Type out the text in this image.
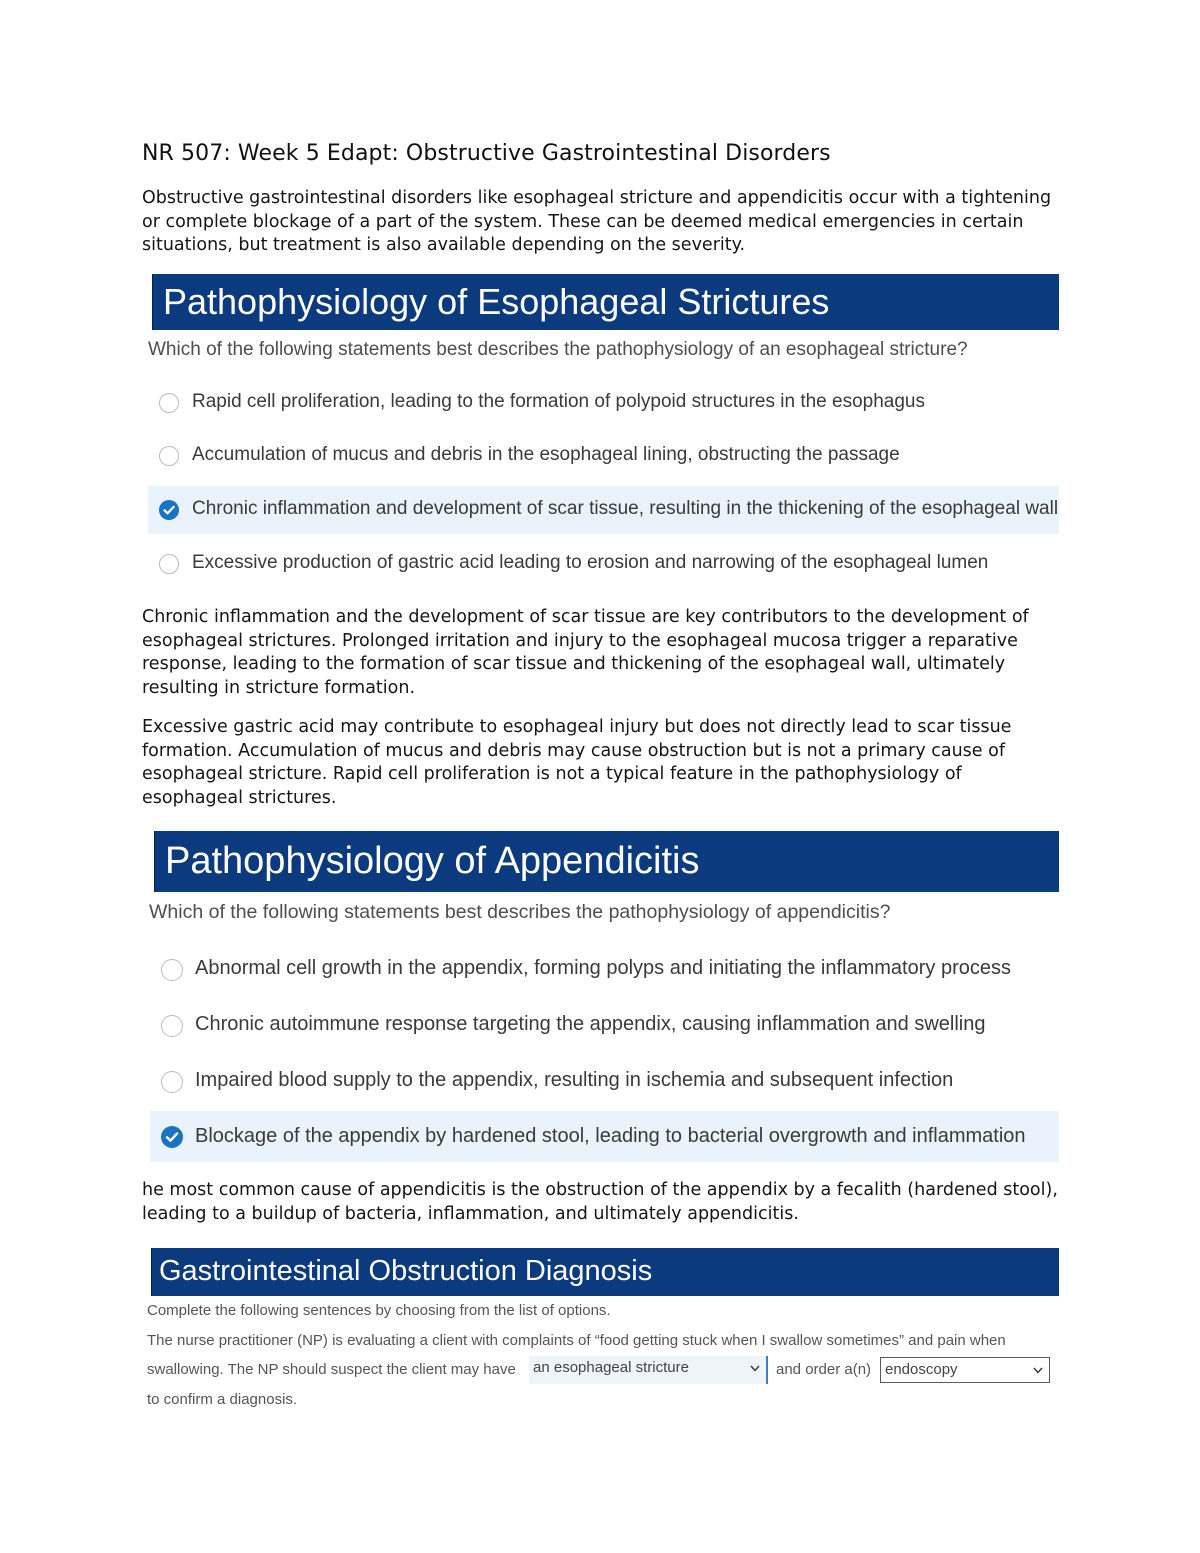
NR 507: Week 5 Edapt: Obstructive Gastrointestinal Disorders

Obstructive gastrointestinal disorders like esophageal stricture and appendicitis occur with a tightening or complete blockage of a part of the system. These can be deemed medical emergencies in certain situations, but treatment is also available depending on the severity.

Pathophysiology of Esophageal Strictures
Which of the following statements best describes the pathophysiology of an esophageal stricture?
Rapid cell proliferation, leading to the formation of polypoid structures in the esophagus
Accumulation of mucus and debris in the esophageal lining, obstructing the passage
Chronic inflammation and development of scar tissue, resulting in the thickening of the esophageal wall
Excessive production of gastric acid leading to erosion and narrowing of the esophageal lumen

Chronic inflammation and the development of scar tissue are key contributors to the development of esophageal strictures. Prolonged irritation and injury to the esophageal mucosa trigger a reparative response, leading to the formation of scar tissue and thickening of the esophageal wall, ultimately resulting in stricture formation.

Excessive gastric acid may contribute to esophageal injury but does not directly lead to scar tissue formation. Accumulation of mucus and debris may cause obstruction but is not a primary cause of esophageal stricture. Rapid cell proliferation is not a typical feature in the pathophysiology of esophageal strictures.

Pathophysiology of Appendicitis
Which of the following statements best describes the pathophysiology of appendicitis?
Abnormal cell growth in the appendix, forming polyps and initiating the inflammatory process
Chronic autoimmune response targeting the appendix, causing inflammation and swelling
Impaired blood supply to the appendix, resulting in ischemia and subsequent infection
Blockage of the appendix by hardened stool, leading to bacterial overgrowth and inflammation

he most common cause of appendicitis is the obstruction of the appendix by a fecalith (hardened stool), leading to a buildup of bacteria, inflammation, and ultimately appendicitis.

Gastrointestinal Obstruction Diagnosis
Complete the following sentences by choosing from the list of options.
The nurse practitioner (NP) is evaluating a client with complaints of “food getting stuck when I swallow sometimes” and pain when
swallowing. The NP should suspect the client may have an esophageal stricture	and order a(n) endoscopy
to confirm a diagnosis.
